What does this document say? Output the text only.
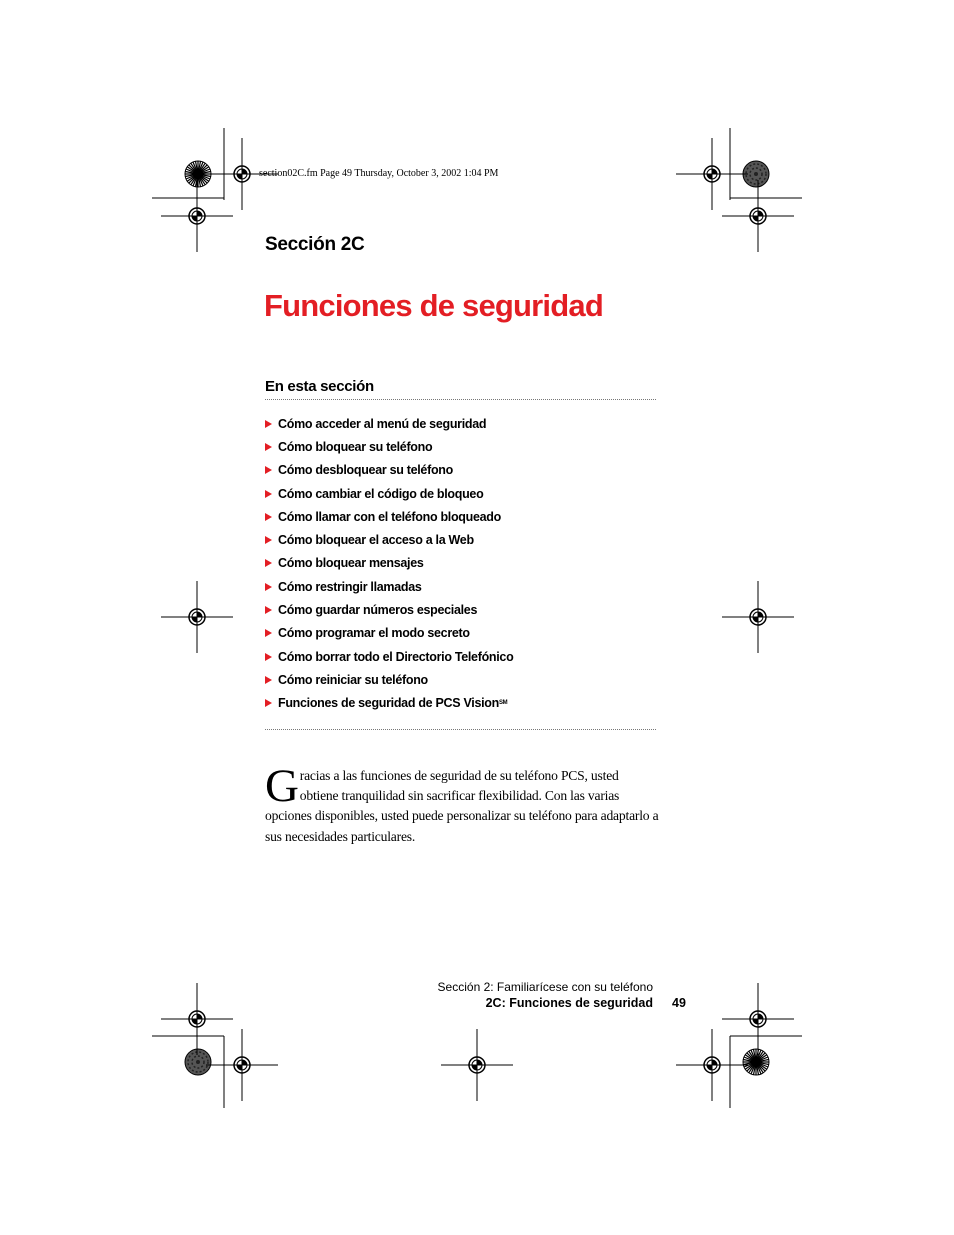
section02C.fm Page 49 Thursday, October 3, 2002 1:04 PM
Sección 2C
Funciones de seguridad
En esta sección
Cómo acceder al menú de seguridad
Cómo bloquear su teléfono
Cómo desbloquear su teléfono
Cómo cambiar el código de bloqueo
Cómo llamar con el teléfono bloqueado
Cómo bloquear el acceso a la Web
Cómo bloquear mensajes
Cómo restringir llamadas
Cómo guardar números especiales
Cómo programar el modo secreto
Cómo borrar todo el Directorio Telefónico
Cómo reiniciar su teléfono
Funciones de seguridad de PCS Vision SM
Gracias a las funciones de seguridad de su teléfono PCS, usted obtiene tranquilidad sin sacrificar flexibilidad. Con las varias opciones disponibles, usted puede personalizar su teléfono para adaptarlo a sus necesidades particulares.
Sección 2: Familiarícese con su teléfono
2C: Funciones de seguridad 49
